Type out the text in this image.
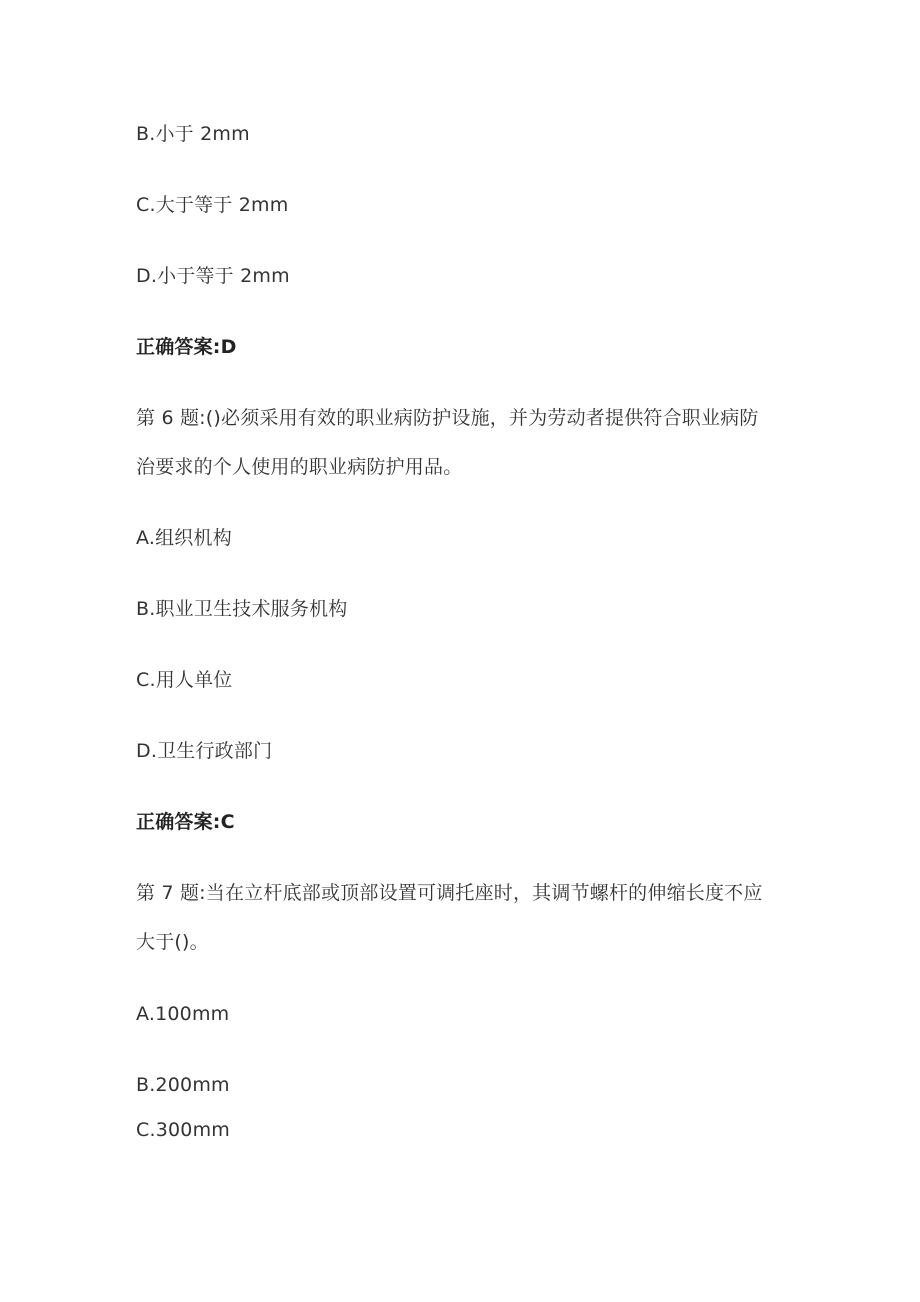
B.小于 2mm
C.大于等于 2mm
D.小于等于 2mm
正确答案:D
第 6 题:()必须采用有效的职业病防护设施，并为劳动者提供符合职业病防
治要求的个人使用的职业病防护用品。
A.组织机构
B.职业卫生技术服务机构
C.用人单位
D.卫生行政部门
正确答案:C
第 7 题:当在立杆底部或顶部设置可调托座时，其调节螺杆的伸缩长度不应
大于()。
A.100mm
B.200mm
C.300mm
